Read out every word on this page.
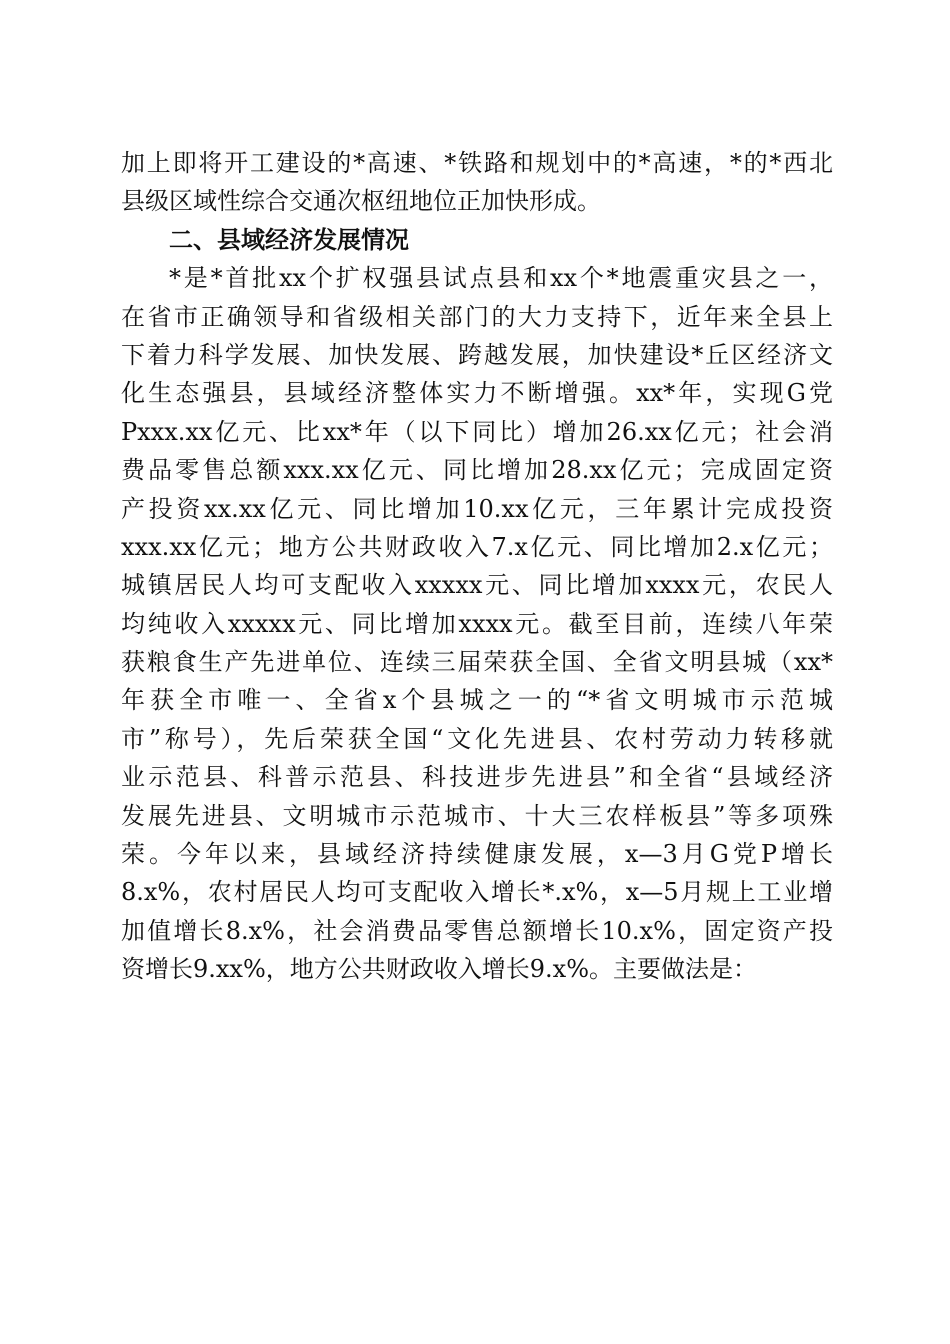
加上即将开工建设的*高速、*铁路和规划中的*高速，*的*西北
县级区域性综合交通次枢纽地位正加快形成。
二、县域经济发展情况
*是*首批xx个扩权强县试点县和xx个*地震重灾县之一，
在省市正确领导和省级相关部门的大力支持下，近年来全县上
下着力科学发展、加快发展、跨越发展，加快建设*丘区经济文
化生态强县，县域经济整体实力不断增强。xx*年，实现G党
Pxxx.xx亿元、比xx*年（以下同比）增加26.xx亿元；社会消
费品零售总额xxx.xx亿元、同比增加28.xx亿元；完成固定资
产投资xx.xx亿元、同比增加10.xx亿元，三年累计完成投资
xxx.xx亿元；地方公共财政收入7.x亿元、同比增加2.x亿元；
城镇居民人均可支配收入xxxxx元、同比增加xxxx元，农民人
均纯收入xxxxx元、同比增加xxxx元。截至目前，连续八年荣
获粮食生产先进单位、连续三届荣获全国、全省文明县城（xx*
年获全市唯一、全省x个县城之一的“*省文明城市示范城
市”称号），先后荣获全国“文化先进县、农村劳动力转移就
业示范县、科普示范县、科技进步先进县”和全省“县域经济
发展先进县、文明城市示范城市、十大三农样板县”等多项殊
荣。今年以来，县域经济持续健康发展，x—3月G党P增长
8.x%，农村居民人均可支配收入增长*.x%，x—5月规上工业增
加值增长8.x%，社会消费品零售总额增长10.x%，固定资产投
资增长9.xx%，地方公共财政收入增长9.x%。主要做法是：
